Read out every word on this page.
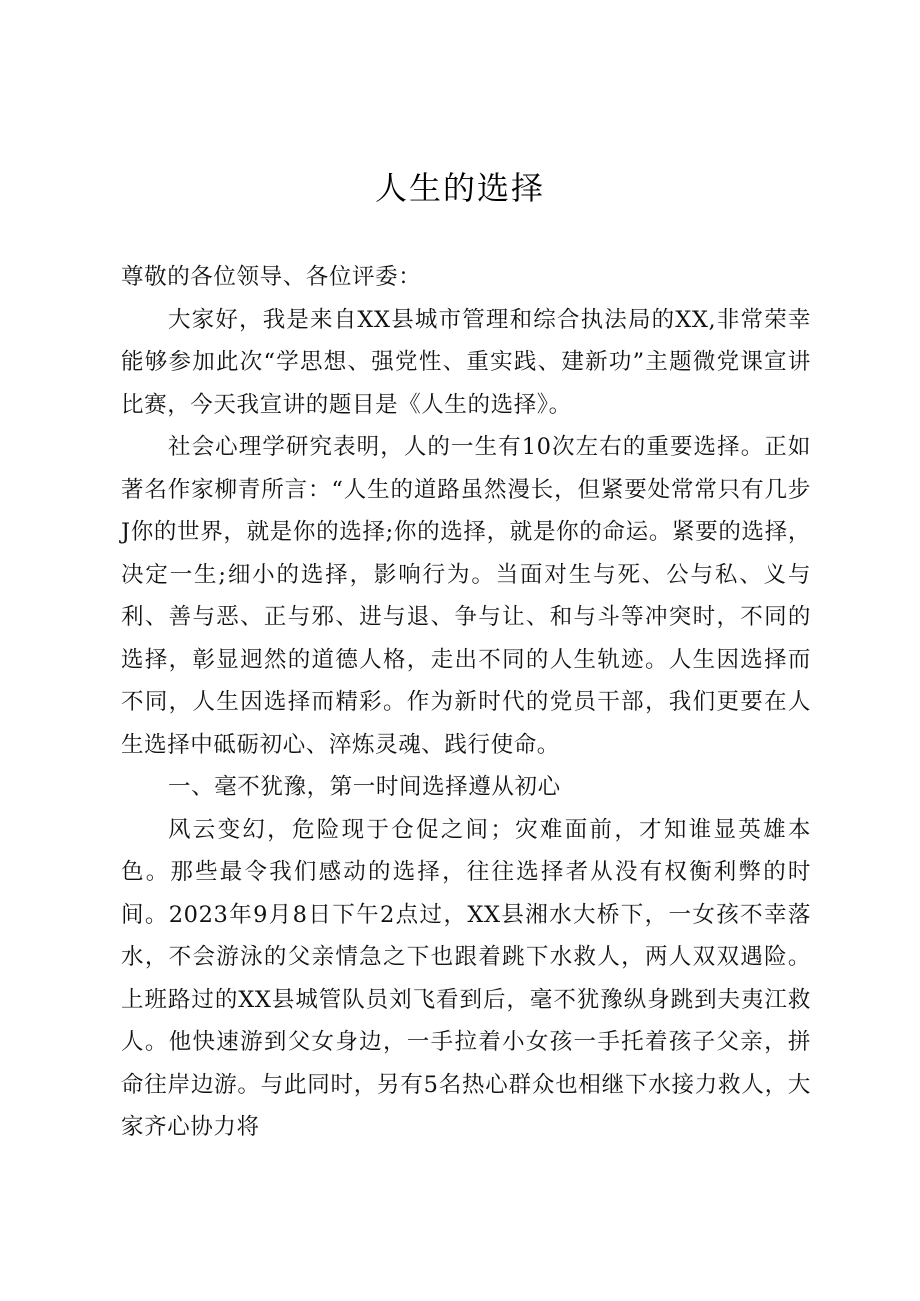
人生的选择

尊敬的各位领导、各位评委：

大家好，我是来自XX县城市管理和综合执法局的XX,非常荣幸能够参加此次“学思想、强党性、重实践、建新功”主题微党课宣讲比赛，今天我宣讲的题目是《人生的选择》。

社会心理学研究表明，人的一生有10次左右的重要选择。正如著名作家柳青所言：“人生的道路虽然漫长，但紧要处常常只有几步J你的世界，就是你的选择;你的选择，就是你的命运。紧要的选择，决定一生;细小的选择，影响行为。当面对生与死、公与私、义与利、善与恶、正与邪、进与退、争与让、和与斗等冲突时，不同的选择，彰显迥然的道德人格，走出不同的人生轨迹。人生因选择而不同，人生因选择而精彩。作为新时代的党员干部，我们更要在人生选择中砥砺初心、淬炼灵魂、践行使命。

一、毫不犹豫，第一时间选择遵从初心

风云变幻，危险现于仓促之间；灾难面前，才知谁显英雄本色。那些最令我们感动的选择，往往选择者从没有权衡利弊的时间。2023年9月8日下午2点过，XX县湘水大桥下，一女孩不幸落水，不会游泳的父亲情急之下也跟着跳下水救人，两人双双遇险。上班路过的XX县城管队员刘飞看到后，毫不犹豫纵身跳到夫夷江救人。他快速游到父女身边，一手拉着小女孩一手托着孩子父亲，拼命往岸边游。与此同时，另有5名热心群众也相继下水接力救人，大家齐心协力将
